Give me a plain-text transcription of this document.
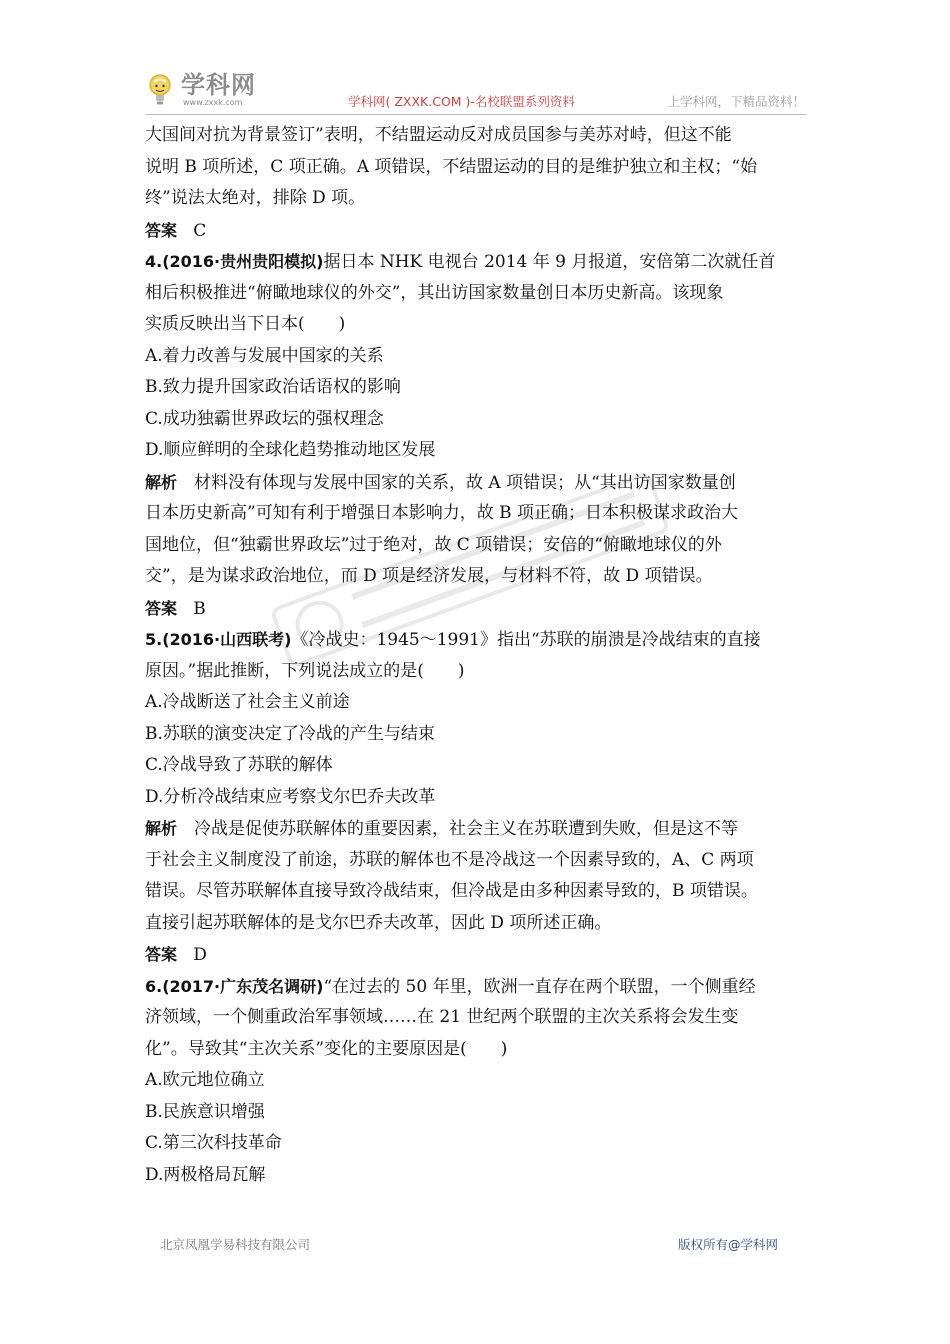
学科网
www.zxxk.com	学科网( ZXXK.COM )-名校联盟系列资料	上学科网，下精品资料！
大国间对抗为背景签订”表明，不结盟运动反对成员国参与美苏对峙，但这不能
说明 B 项所述，C 项正确。A 项错误，不结盟运动的目的是维护独立和主权；“始
终”说法太绝对，排除 D 项。
答案 C
4.(2016·贵州贵阳模拟)据日本 NHK 电视台 2014 年 9 月报道，安倍第二次就任首
相后积极推进“俯瞰地球仪的外交”，其出访国家数量创日本历史新高。该现象
实质反映出当下日本(　　)
A.着力改善与发展中国家的关系
B.致力提升国家政治话语权的影响
C.成功独霸世界政坛的强权理念
D.顺应鲜明的全球化趋势推动地区发展
解析　材料没有体现与发展中国家的关系，故 A 项错误；从“其出访国家数量创
日本历史新高”可知有利于增强日本影响力，故 B 项正确；日本积极谋求政治大
国地位，但“独霸世界政坛”过于绝对，故 C 项错误；安倍的“俯瞰地球仪的外
交”，是为谋求政治地位，而 D 项是经济发展，与材料不符，故 D 项错误。
答案 B
5.(2016·山西联考)《冷战史：1945～1991》指出“苏联的崩溃是冷战结束的直接
原因。”据此推断，下列说法成立的是(　　)
A.冷战断送了社会主义前途
B.苏联的演变决定了冷战的产生与结束
C.冷战导致了苏联的解体
D.分析冷战结束应考察戈尔巴乔夫改革
解析　冷战是促使苏联解体的重要因素，社会主义在苏联遭到失败，但是这不等
于社会主义制度没了前途，苏联的解体也不是冷战这一个因素导致的，A、C 两项
错误。尽管苏联解体直接导致冷战结束，但冷战是由多种因素导致的，B 项错误。
直接引起苏联解体的是戈尔巴乔夫改革，因此 D 项所述正确。
答案 D
6.(2017·广东茂名调研)“在过去的 50 年里，欧洲一直存在两个联盟，一个侧重经
济领域，一个侧重政治军事领域……在 21 世纪两个联盟的主次关系将会发生变
化”。导致其“主次关系”变化的主要原因是(　　)
A.欧元地位确立
B.民族意识增强
C.第三次科技革命
D.两极格局瓦解
北京凤凰学易科技有限公司	版权所有@学科网
